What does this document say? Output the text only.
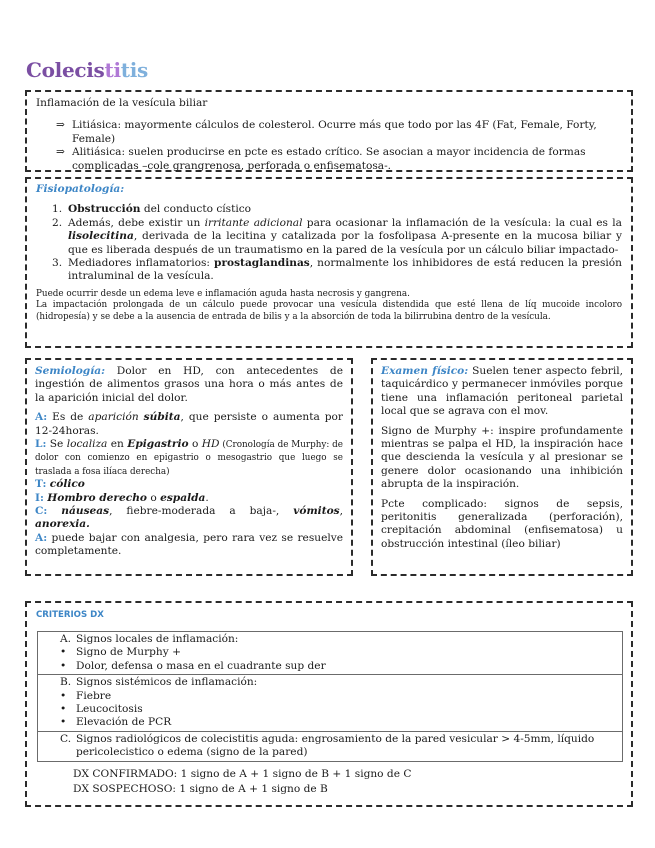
Colecistitis

Inflamación de la vesícula biliar

⇒ Litiásica: mayormente cálculos de colesterol. Ocurre más que todo por las 4F (Fat, Female, Forty, Female)
⇒ Alitiásica: suelen producirse en pcte es estado crítico. Se asocian a mayor incidencia de formas
complicadas –cole grangrenosa, perforada o enfisematosa-.

Fisiopatología:

1. Obstrucción del conducto cístico
2. Además, debe existir un irritante adicional para ocasionar la inflamación de la vesícula: la cual es la lisolecitina, derivada de la lecitina y catalizada por la fosfolipasa A-presente en la mucosa biliar y que es liberada después de un traumatismo en la pared de la vesícula por un cálculo biliar impactado-
3. Mediadores inflamatorios: prostaglandinas, normalmente los inhibidores de está reducen la presión intraluminal de la vesícula.

Puede ocurrir desde un edema leve e inflamación aguda hasta necrosis y gangrena.

La impactación prolongada de un cálculo puede provocar una vesícula distendida que esté llena de líq mucoide incoloro (hidropesía) y se debe a la ausencia de entrada de bilis y a la absorción de toda la bilirrubina dentro de la vesícula.

Semiología: Dolor en HD, con antecedentes de ingestión de alimentos grasos una hora o más antes de la aparición inicial del dolor.

A: Es de aparición súbita, que persiste o aumenta por 12-24horas.

L: Se localiza en Epigastrio o HD (Cronología de Murphy: de dolor con comienzo en epigastrio o mesogastrio que luego se traslada a fosa ilíaca derecha)

T: cólico

I: Hombro derecho o espalda.

C: náuseas, fiebre-moderada a baja-, vómitos, anorexia.

A: puede bajar con analgesia, pero rara vez se resuelve completamente.

Examen físico: Suelen tener aspecto febril, taquicárdico y permanecer inmóviles porque tiene una inflamación peritoneal parietal local que se agrava con el mov.

Signo de Murphy +: inspire profundamente mientras se palpa el HD, la inspiración hace que descienda la vesícula y al presionar se genere dolor ocasionando una inhibición abrupta de la inspiración.

Pcte complicado: signos de sepsis, peritonitis generalizada (perforación), crepitación abdominal (enfisematosa) u obstrucción intestinal (íleo biliar)

CRITERIOS DX

A. Signos locales de inflamación:
• Signo de Murphy +
• Dolor, defensa o masa en el cuadrante sup der

B. Signos sistémicos de inflamación:
• Fiebre
• Leucocitosis
• Elevación de PCR

C. Signos radiológicos de colecistitis aguda: engrosamiento de la pared vesicular > 4-5mm, líquido pericolecistico o edema (signo de la pared)

DX CONFIRMADO: 1 signo de A + 1 signo de B + 1 signo de C

DX SOSPECHOSO: 1 signo de A + 1 signo de B
